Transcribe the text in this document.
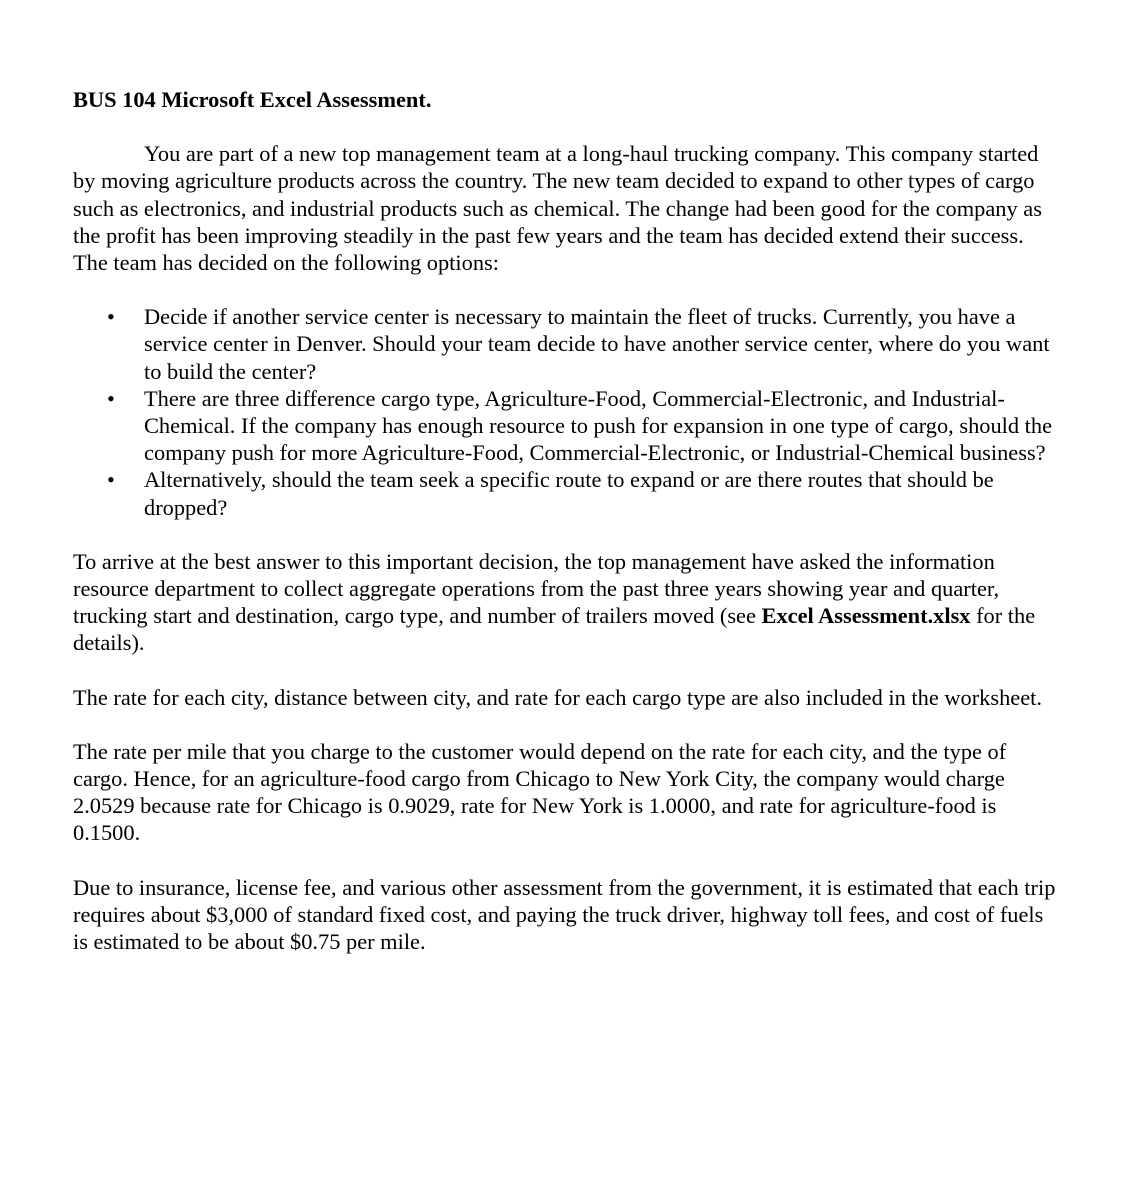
BUS 104 Microsoft Excel Assessment.

You are part of a new top management team at a long-haul trucking company. This company started by moving agriculture products across the country. The new team decided to expand to other types of cargo such as electronics, and industrial products such as chemical. The change had been good for the company as the profit has been improving steadily in the past few years and the team has decided extend their success. The team has decided on the following options:

• Decide if another service center is necessary to maintain the fleet of trucks. Currently, you have a service center in Denver. Should your team decide to have another service center, where do you want to build the center?
• There are three difference cargo type, Agriculture-Food, Commercial-Electronic, and Industrial-Chemical. If the company has enough resource to push for expansion in one type of cargo, should the company push for more Agriculture-Food, Commercial-Electronic, or Industrial-Chemical business?
• Alternatively, should the team seek a specific route to expand or are there routes that should be dropped?

To arrive at the best answer to this important decision, the top management have asked the information resource department to collect aggregate operations from the past three years showing year and quarter, trucking start and destination, cargo type, and number of trailers moved (see Excel Assessment.xlsx for the details).

The rate for each city, distance between city, and rate for each cargo type are also included in the worksheet.

The rate per mile that you charge to the customer would depend on the rate for each city, and the type of cargo. Hence, for an agriculture-food cargo from Chicago to New York City, the company would charge 2.0529 because rate for Chicago is 0.9029, rate for New York is 1.0000, and rate for agriculture-food is 0.1500.

Due to insurance, license fee, and various other assessment from the government, it is estimated that each trip requires about $3,000 of standard fixed cost, and paying the truck driver, highway toll fees, and cost of fuels is estimated to be about $0.75 per mile.
